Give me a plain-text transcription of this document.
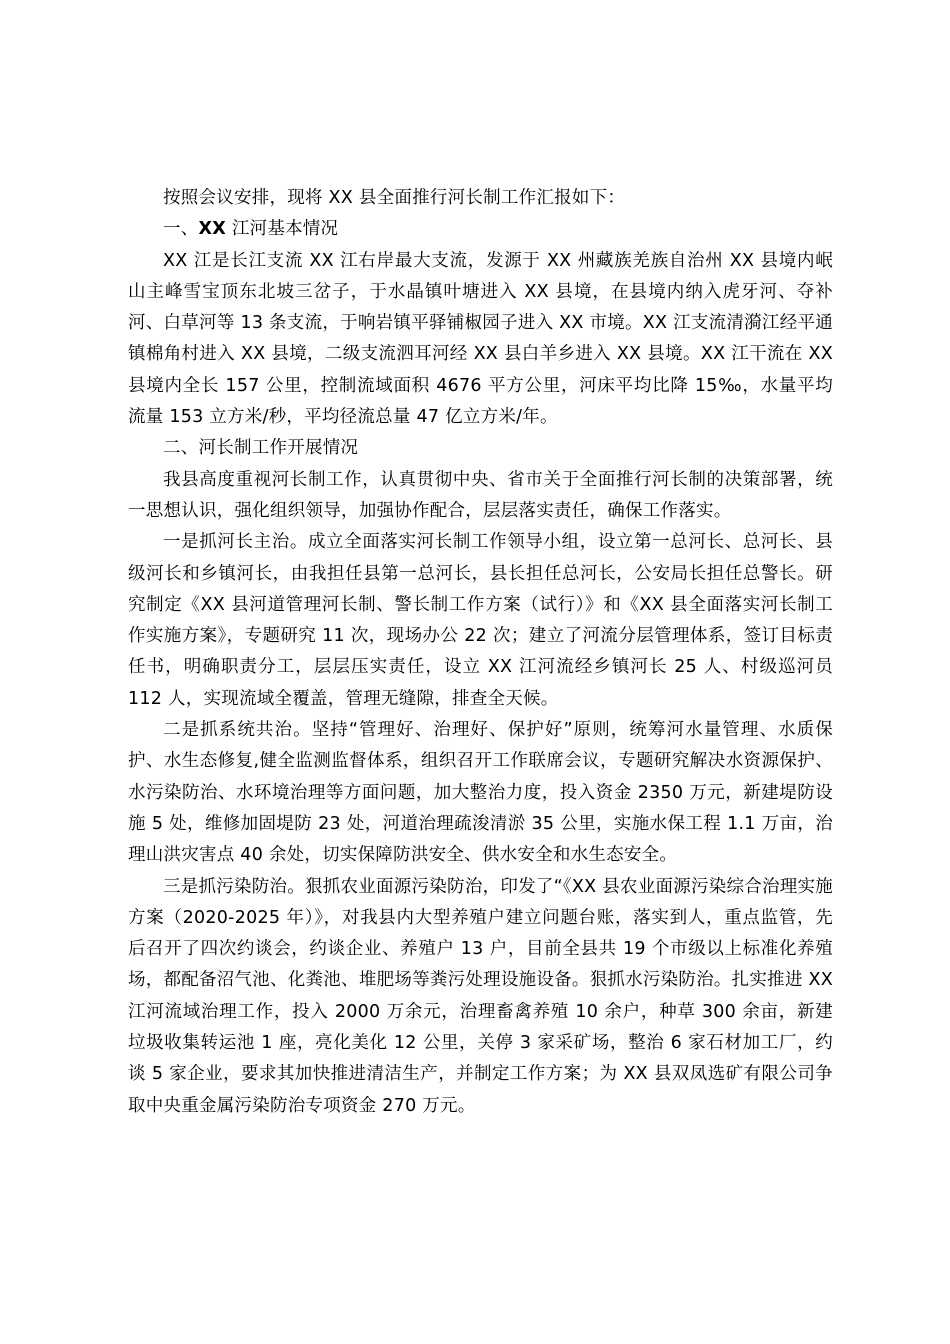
按照会议安排，现将 XX 县全面推行河长制工作汇报如下：

一、XX 江河基本情况

XX 江是长江支流 XX 江右岸最大支流，发源于 XX 州藏族羌族自治州 XX 县境内岷山主峰雪宝顶东北坡三岔子，于水晶镇叶塘进入 XX 县境，在县境内纳入虎牙河、夺补河、白草河等 13 条支流，于响岩镇平驿铺椒园子进入 XX 市境。XX 江支流清漪江经平通镇棉角村进入 XX 县境，二级支流泗耳河经 XX 县白羊乡进入 XX 县境。XX 江干流在 XX 县境内全长 157 公里，控制流域面积 4676 平方公里，河床平均比降 15‰，水量平均流量 153 立方米/秒，平均径流总量 47 亿立方米/年。

二、河长制工作开展情况

我县高度重视河长制工作，认真贯彻中央、省市关于全面推行河长制的决策部署，统一思想认识，强化组织领导，加强协作配合，层层落实责任，确保工作落实。

一是抓河长主治。成立全面落实河长制工作领导小组，设立第一总河长、总河长、县级河长和乡镇河长，由我担任县第一总河长，县长担任总河长，公安局长担任总警长。研究制定《XX 县河道管理河长制、警长制工作方案（试行）》和《XX 县全面落实河长制工作实施方案》，专题研究 11 次，现场办公 22 次；建立了河流分层管理体系，签订目标责任书，明确职责分工，层层压实责任，设立 XX 江河流经乡镇河长 25 人、村级巡河员 112 人，实现流域全覆盖，管理无缝隙，排查全天候。

二是抓系统共治。坚持“管理好、治理好、保护好”原则，统筹河水量管理、水质保护、水生态修复,健全监测监督体系，组织召开工作联席会议，专题研究解决水资源保护、水污染防治、水环境治理等方面问题，加大整治力度，投入资金 2350 万元，新建堤防设施 5 处，维修加固堤防 23 处，河道治理疏浚清淤 35 公里，实施水保工程 1.1 万亩，治理山洪灾害点 40 余处，切实保障防洪安全、供水安全和水生态安全。

三是抓污染防治。狠抓农业面源污染防治，印发了“《XX 县农业面源污染综合治理实施方案（2020-2025 年）》，对我县内大型养殖户建立问题台账，落实到人，重点监管，先后召开了四次约谈会，约谈企业、养殖户 13 户，目前全县共 19 个市级以上标准化养殖场，都配备沼气池、化粪池、堆肥场等粪污处理设施设备。狠抓水污染防治。扎实推进 XX 江河流域治理工作，投入 2000 万余元，治理畜禽养殖 10 余户，种草 300 余亩，新建垃圾收集转运池 1 座，亮化美化 12 公里，关停 3 家采矿场，整治 6 家石材加工厂，约谈 5 家企业，要求其加快推进清洁生产，并制定工作方案；为 XX 县双凤选矿有限公司争取中央重金属污染防治专项资金 270 万元。
